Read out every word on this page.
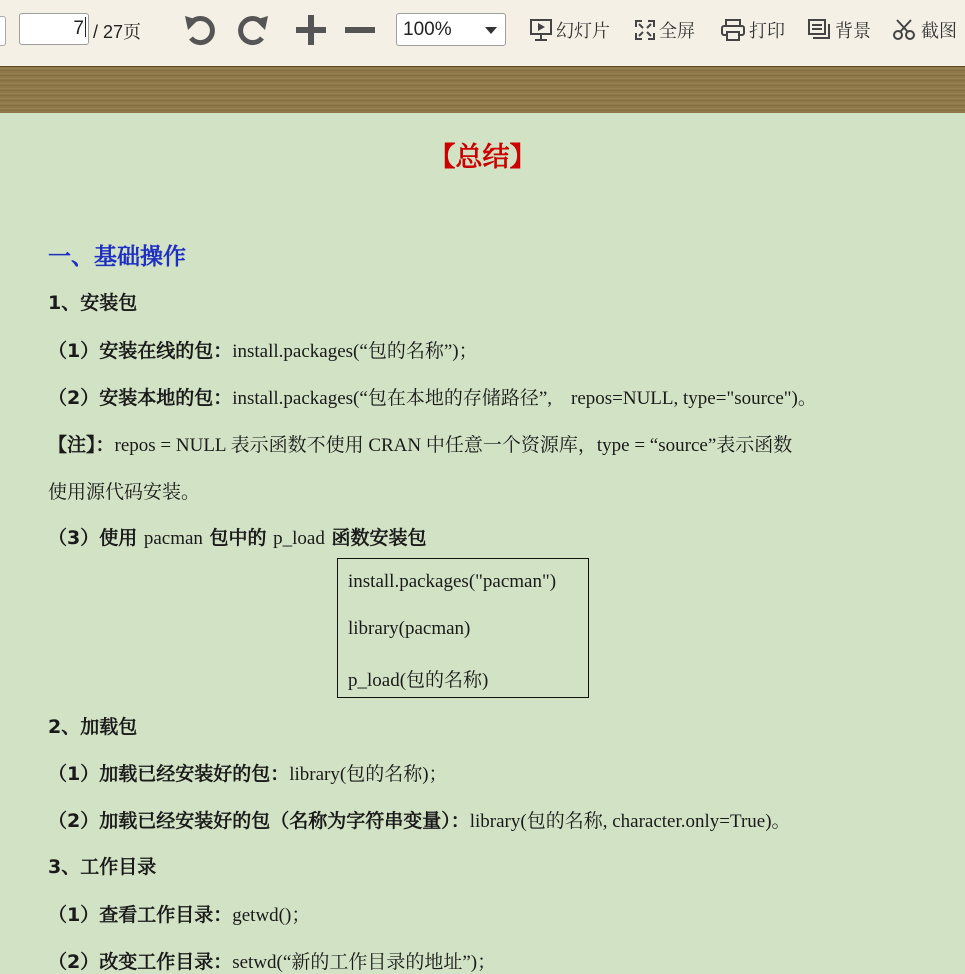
7 / 27页	100%	幻灯片	全屏	打印	背景	截图
【总结】
一、基础操作
1、安装包
（1）安装在线的包：install.packages(“包的名称”)；
（2）安装本地的包：install.packages(“包在本地的存储路径”,　repos=NULL, type="source")。
【注】：repos = NULL 表示函数不使用 CRAN 中任意一个资源库，type = “source”表示函数
使用源代码安装。
（3）使用 pacman 包中的 p_load 函数安装包
install.packages("pacman")
library(pacman)
p_load(包的名称)
2、加载包
（1）加载已经安装好的包：library(包的名称)；
（2）加载已经安装好的包（名称为字符串变量）：library(包的名称, character.only=True)。
3、工作目录
（1）查看工作目录：getwd()；
（2）改变工作目录：setwd(“新的工作目录的地址”)；
